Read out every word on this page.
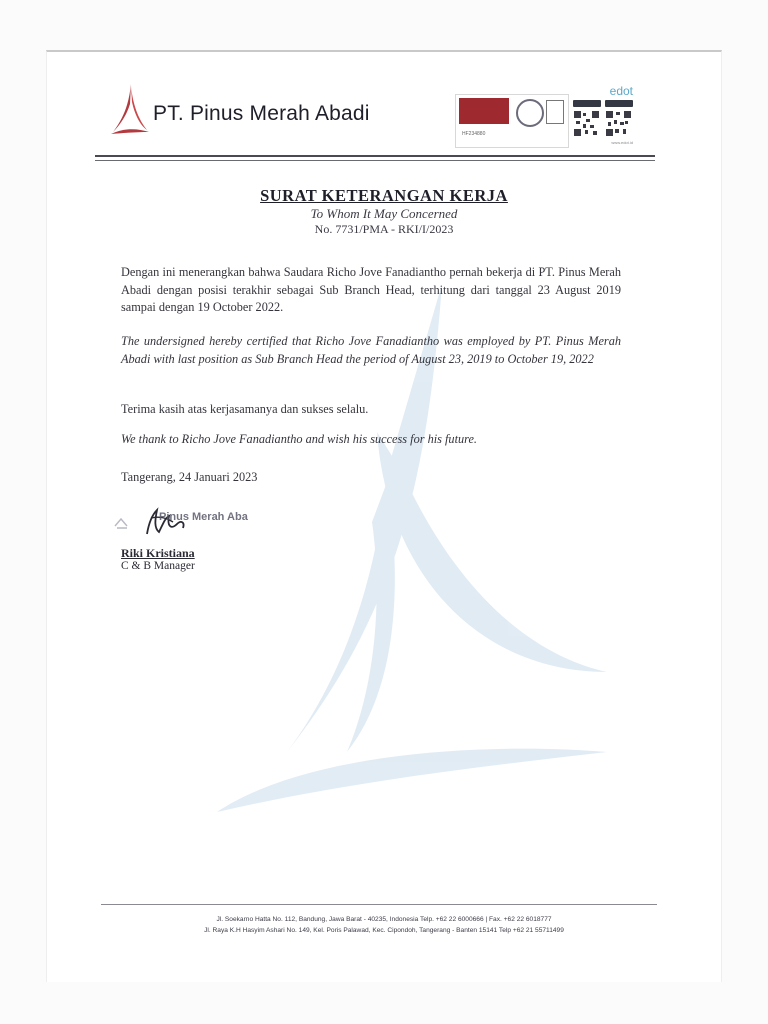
PT. Pinus Merah Abadi
HF234880
edot
www.edot.id
SURAT KETERANGAN KERJA
To Whom It May Concerned
No. 7731/PMA - RKI/I/2023
Dengan ini menerangkan bahwa Saudara Richo Jove Fanadiantho pernah bekerja di PT. Pinus Merah Abadi dengan posisi terakhir sebagai Sub Branch Head, terhitung dari tanggal 23 August 2019 sampai dengan 19 October 2022.
The undersigned hereby certified that Richo Jove Fanadiantho was employed by PT. Pinus Merah Abadi with last position as Sub Branch Head the period of August 23, 2019 to October 19, 2022
Terima kasih atas kerjasamanya dan sukses selalu.
We thank to Richo Jove Fanadiantho and wish his success for his future.
Tangerang, 24 Januari 2023
Pinus Merah Aba
Riki Kristiana
C & B Manager
Jl. Soekarno Hatta No. 112, Bandung, Jawa Barat - 40235, Indonesia Telp. +62 22 6000666 | Fax. +62 22 6018777
Jl. Raya K.H Hasyim Ashari No. 149, Kel. Poris Palawad, Kec. Cipondoh, Tangerang - Banten 15141 Telp +62 21 55711499
